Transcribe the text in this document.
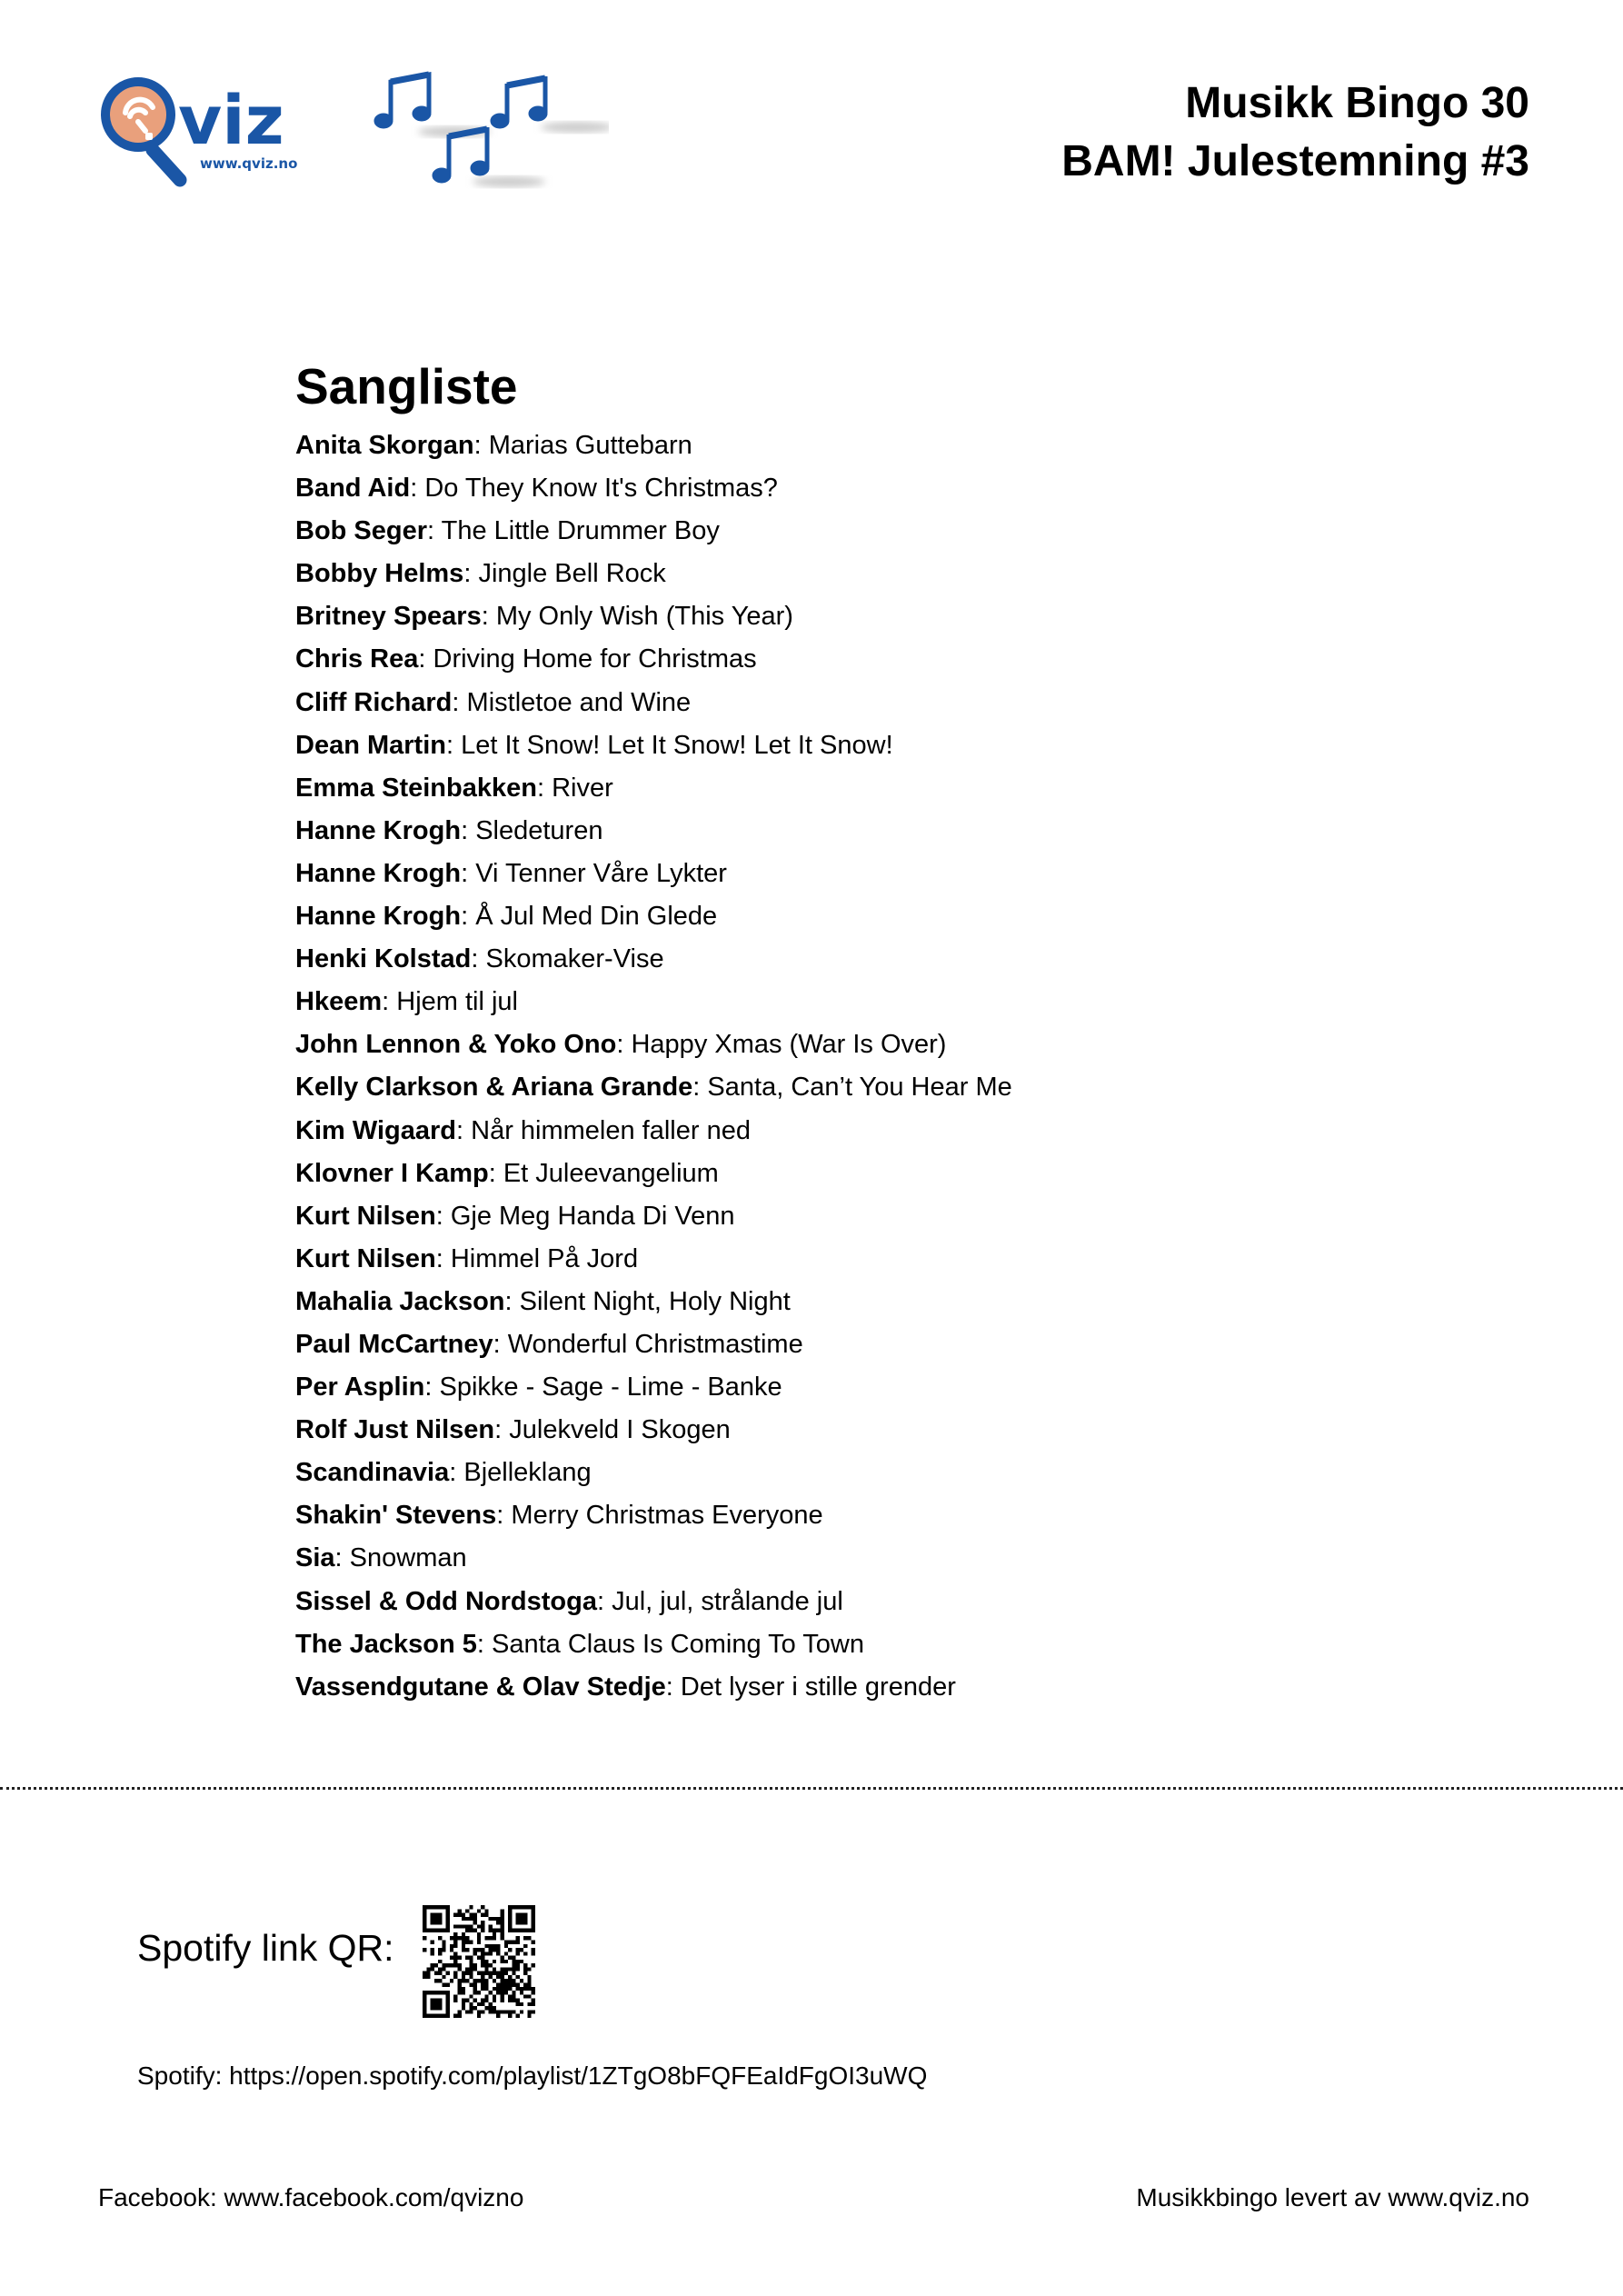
viz
www.qviz.no
Musikk Bingo 30
BAM! Julestemning #3
Sangliste
Anita Skorgan: Marias Guttebarn
Band Aid: Do They Know It's Christmas?
Bob Seger: The Little Drummer Boy
Bobby Helms: Jingle Bell Rock
Britney Spears: My Only Wish (This Year)
Chris Rea: Driving Home for Christmas
Cliff Richard: Mistletoe and Wine
Dean Martin: Let It Snow! Let It Snow! Let It Snow!
Emma Steinbakken: River
Hanne Krogh: Sledeturen
Hanne Krogh: Vi Tenner Våre Lykter
Hanne Krogh: Å Jul Med Din Glede
Henki Kolstad: Skomaker-Vise
Hkeem: Hjem til jul
John Lennon & Yoko Ono: Happy Xmas (War Is Over)
Kelly Clarkson & Ariana Grande: Santa, Can’t You Hear Me
Kim Wigaard: Når himmelen faller ned
Klovner I Kamp: Et Juleevangelium
Kurt Nilsen: Gje Meg Handa Di Venn
Kurt Nilsen: Himmel På Jord
Mahalia Jackson: Silent Night, Holy Night
Paul McCartney: Wonderful Christmastime
Per Asplin: Spikke - Sage - Lime - Banke
Rolf Just Nilsen: Julekveld I Skogen
Scandinavia: Bjelleklang
Shakin' Stevens: Merry Christmas Everyone
Sia: Snowman
Sissel & Odd Nordstoga: Jul, jul, strålande jul
The Jackson 5: Santa Claus Is Coming To Town
Vassendgutane & Olav Stedje: Det lyser i stille grender
Spotify link QR:
Spotify: https://open.spotify.com/playlist/1ZTgO8bFQFEaIdFgOI3uWQ
Facebook: www.facebook.com/qvizno	Musikkbingo levert av www.qviz.no
